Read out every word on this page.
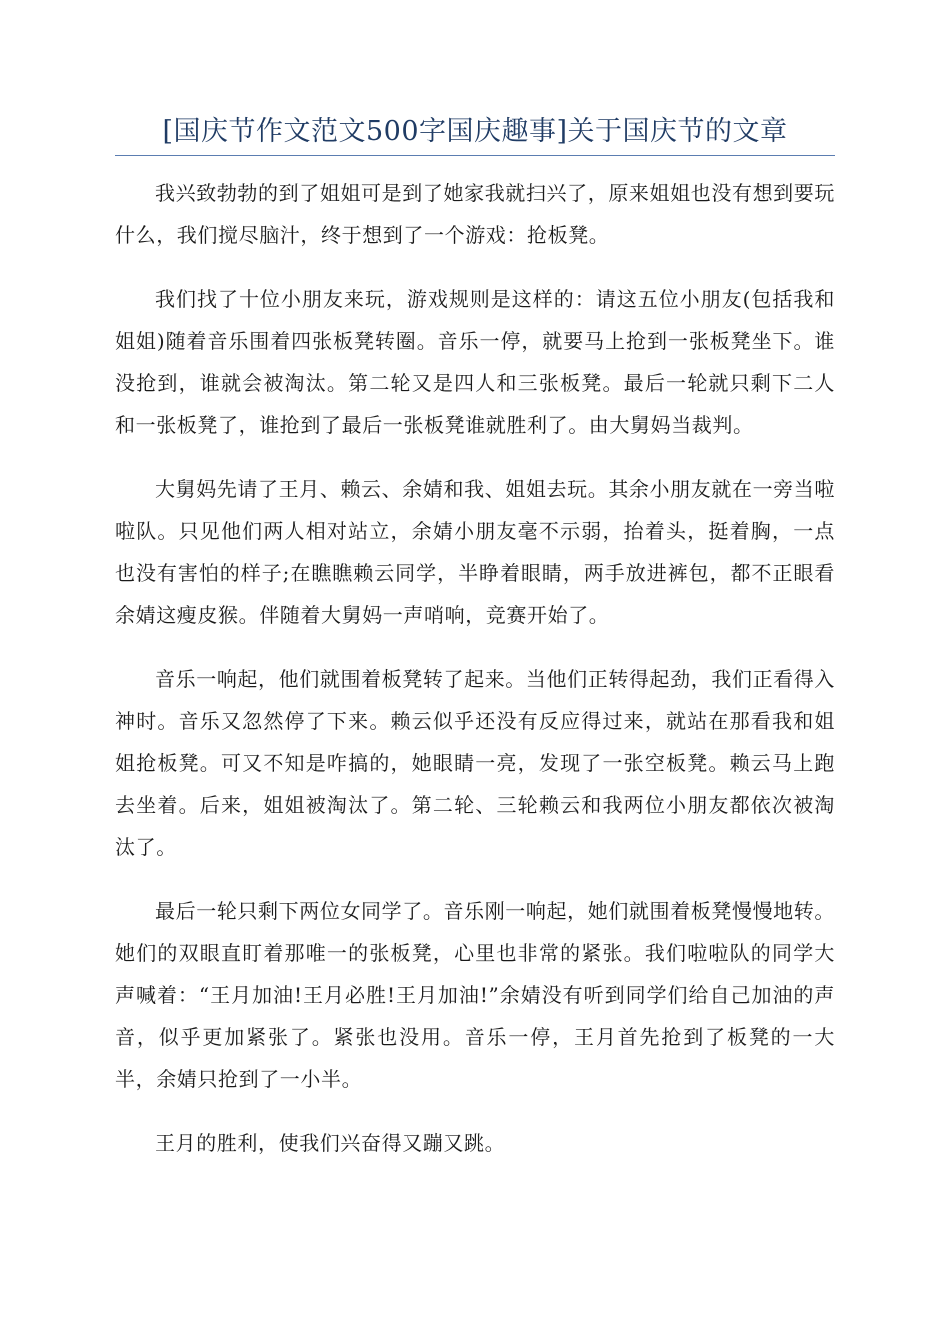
[国庆节作文范文500字国庆趣事]关于国庆节的文章

我兴致勃勃的到了姐姐可是到了她家我就扫兴了，原来姐姐也没有想到要玩什么，我们搅尽脑汁，终于想到了一个游戏：抢板凳。

我们找了十位小朋友来玩，游戏规则是这样的：请这五位小朋友(包括我和姐姐)随着音乐围着四张板凳转圈。音乐一停，就要马上抢到一张板凳坐下。谁没抢到，谁就会被淘汰。第二轮又是四人和三张板凳。最后一轮就只剩下二人和一张板凳了，谁抢到了最后一张板凳谁就胜利了。由大舅妈当裁判。

大舅妈先请了王月、赖云、余婧和我、姐姐去玩。其余小朋友就在一旁当啦啦队。只见他们两人相对站立，余婧小朋友毫不示弱，抬着头，挺着胸，一点也没有害怕的样子;在瞧瞧赖云同学，半睁着眼睛，两手放进裤包，都不正眼看余婧这瘦皮猴。伴随着大舅妈一声哨响，竞赛开始了。

音乐一响起，他们就围着板凳转了起来。当他们正转得起劲，我们正看得入神时。音乐又忽然停了下来。赖云似乎还没有反应得过来，就站在那看我和姐姐抢板凳。可又不知是咋搞的，她眼睛一亮，发现了一张空板凳。赖云马上跑去坐着。后来，姐姐被淘汰了。第二轮、三轮赖云和我两位小朋友都依次被淘汰了。

最后一轮只剩下两位女同学了。音乐刚一响起，她们就围着板凳慢慢地转。她们的双眼直盯着那唯一的张板凳，心里也非常的紧张。我们啦啦队的同学大声喊着：“王月加油!王月必胜!王月加油!”余婧没有听到同学们给自己加油的声音，似乎更加紧张了。紧张也没用。音乐一停，王月首先抢到了板凳的一大半，余婧只抢到了一小半。

王月的胜利，使我们兴奋得又蹦又跳。
